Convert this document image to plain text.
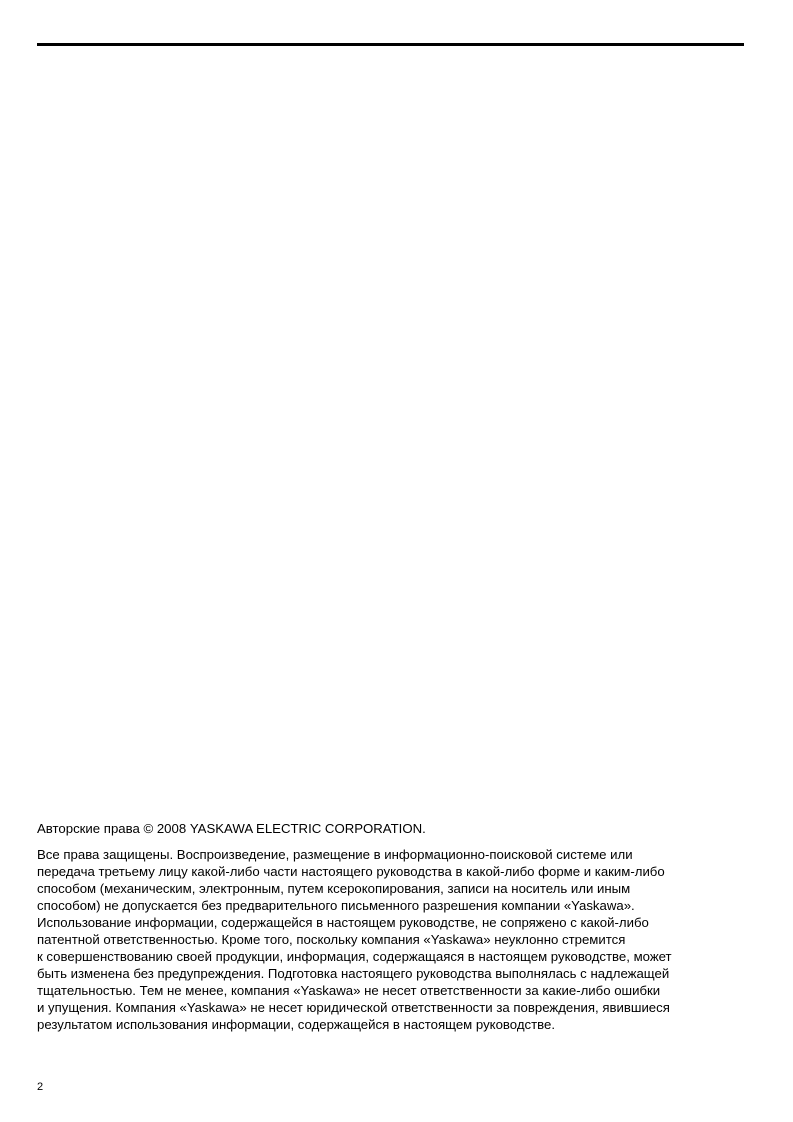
Авторские права © 2008 YASKAWA ELECTRIC CORPORATION.

Все права защищены. Воспроизведение, размещение в информационно-поисковой системе или
передача третьему лицу какой-либо части настоящего руководства в какой-либо форме и каким-либо
способом (механическим, электронным, путем ксерокопирования, записи на носитель или иным
способом) не допускается без предварительного письменного разрешения компании «Yaskawa».
Использование информации, содержащейся в настоящем руководстве, не сопряжено с какой-либо
патентной ответственностью. Кроме того, поскольку компания «Yaskawa» неуклонно стремится
к совершенствованию своей продукции, информация, содержащаяся в настоящем руководстве, может
быть изменена без предупреждения. Подготовка настоящего руководства выполнялась с надлежащей
тщательностью. Тем не менее, компания «Yaskawa» не несет ответственности за какие-либо ошибки
и упущения. Компания «Yaskawa» не несет юридической ответственности за повреждения, явившиеся
результатом использования информации, содержащейся в настоящем руководстве.

2
